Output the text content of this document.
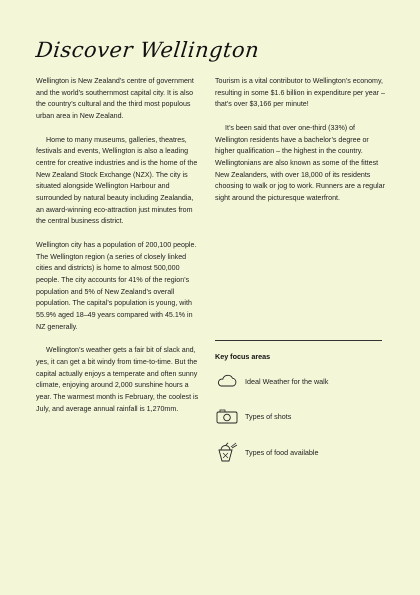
Discover Wellington

Wellington is New Zealand’s centre of government and the world’s southernmost capital city. It is also the country’s cultural and the third most populous urban area in New Zealand.

Home to many museums, galleries, theatres, festivals and events, Wellington is also a leading centre for creative industries and is the home of the New Zealand Stock Exchange (NZX). The city is situated alongside Wellington Harbour and surrounded by natural beauty including Zealandia, an award-winning eco-attraction just minutes from the central business district.

Wellington city has a population of 200,100 people. The Wellington region (a series of closely linked cities and districts) is home to almost 500,000 people. The city accounts for 41% of the region’s population and 5% of New Zealand’s overall population. The capital’s population is young, with 55.9% aged 18–49 years compared with 45.1% in NZ generally.

Wellington’s weather gets a fair bit of slack and, yes, it can get a bit windy from time-to-time. But the capital actually enjoys a temperate and often sunny climate, enjoying around 2,000 sunshine hours a year. The warmest month is February, the coolest is July, and average annual rainfall is 1,270mm.

Tourism is a vital contributor to Wellington’s economy, resulting in some $1.6 billion in expenditure per year – that’s over $3,166 per minute!

It’s been said that over one-third (33%) of Wellington residents have a bachelor’s degree or higher qualification – the highest in the country. Wellingtonians are also known as some of the fittest New Zealanders, with over 18,000 of its residents choosing to walk or jog to work. Runners are a regular sight around the picturesque waterfront.

Key focus areas
Ideal Weather for the walk
Types of shots
Types of food available
